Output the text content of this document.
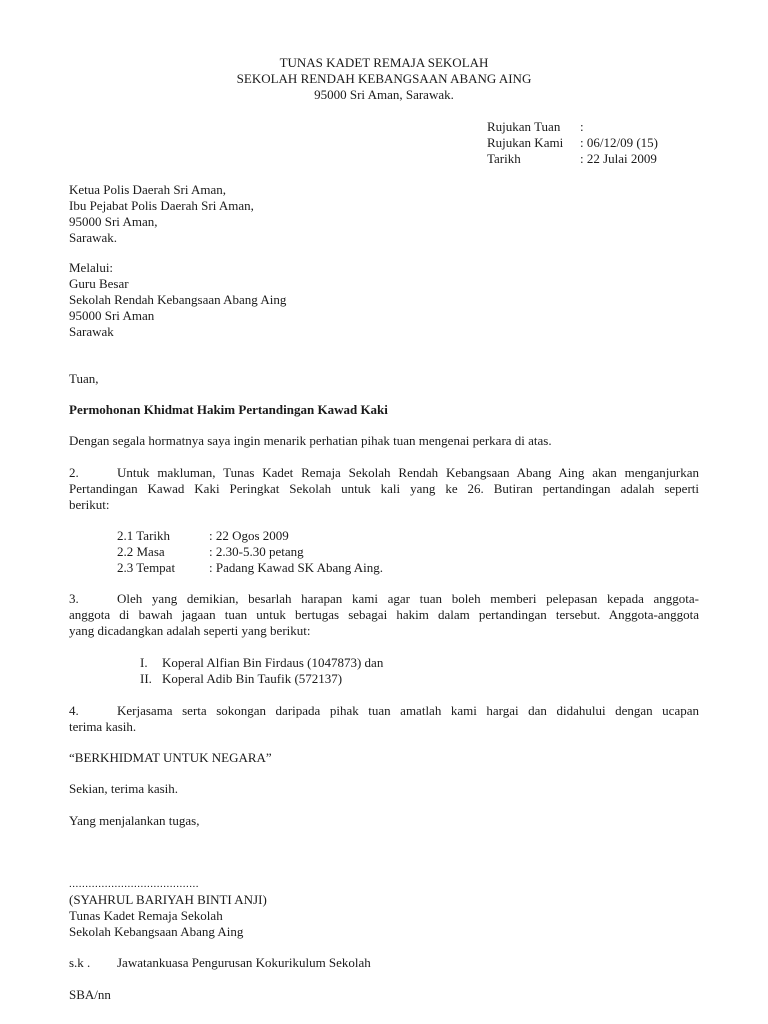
TUNAS KADET REMAJA SEKOLAH
SEKOLAH RENDAH KEBANGSAAN ABANG AING
95000 Sri Aman, Sarawak.
Rujukan Tuan :
Rujukan Kami : 06/12/09 (15)
Tarikh	: 22 Julai 2009
Ketua Polis Daerah Sri Aman,
Ibu Pejabat Polis Daerah Sri Aman,
95000 Sri Aman,
Sarawak.
Melalui:
Guru Besar
Sekolah Rendah Kebangsaan Abang Aing
95000 Sri Aman
Sarawak
Tuan,
Permohonan Khidmat Hakim Pertandingan Kawad Kaki
Dengan segala hormatnya saya ingin menarik perhatian pihak tuan mengenai perkara di atas.
2.	Untuk makluman, Tunas Kadet Remaja Sekolah Rendah Kebangsaan Abang Aing akan menganjurkan
Pertandingan Kawad Kaki Peringkat Sekolah untuk kali yang ke 26. Butiran pertandingan adalah seperti
berikut:
2.1 Tarikh	: 22 Ogos 2009
2.2 Masa	: 2.30-5.30 petang
2.3 Tempat	: Padang Kawad SK Abang Aing.
3.	Oleh yang demikian, besarlah harapan kami agar tuan boleh memberi pelepasan kepada anggota-
anggota di bawah jagaan tuan untuk bertugas sebagai hakim dalam pertandingan tersebut. Anggota-anggota
yang dicadangkan adalah seperti yang berikut:
I. Koperal Alfian Bin Firdaus (1047873) dan
II. Koperal Adib Bin Taufik (572137)
4.	Kerjasama serta sokongan daripada pihak tuan amatlah kami hargai dan didahului dengan ucapan
terima kasih.
“BERKHIDMAT UNTUK NEGARA”
Sekian, terima kasih.
Yang menjalankan tugas,
........................................
(SYAHRUL BARIYAH BINTI ANJI)
Tunas Kadet Remaja Sekolah
Sekolah Kebangsaan Abang Aing
s.k . Jawatankuasa Pengurusan Kokurikulum Sekolah
SBA/nn
